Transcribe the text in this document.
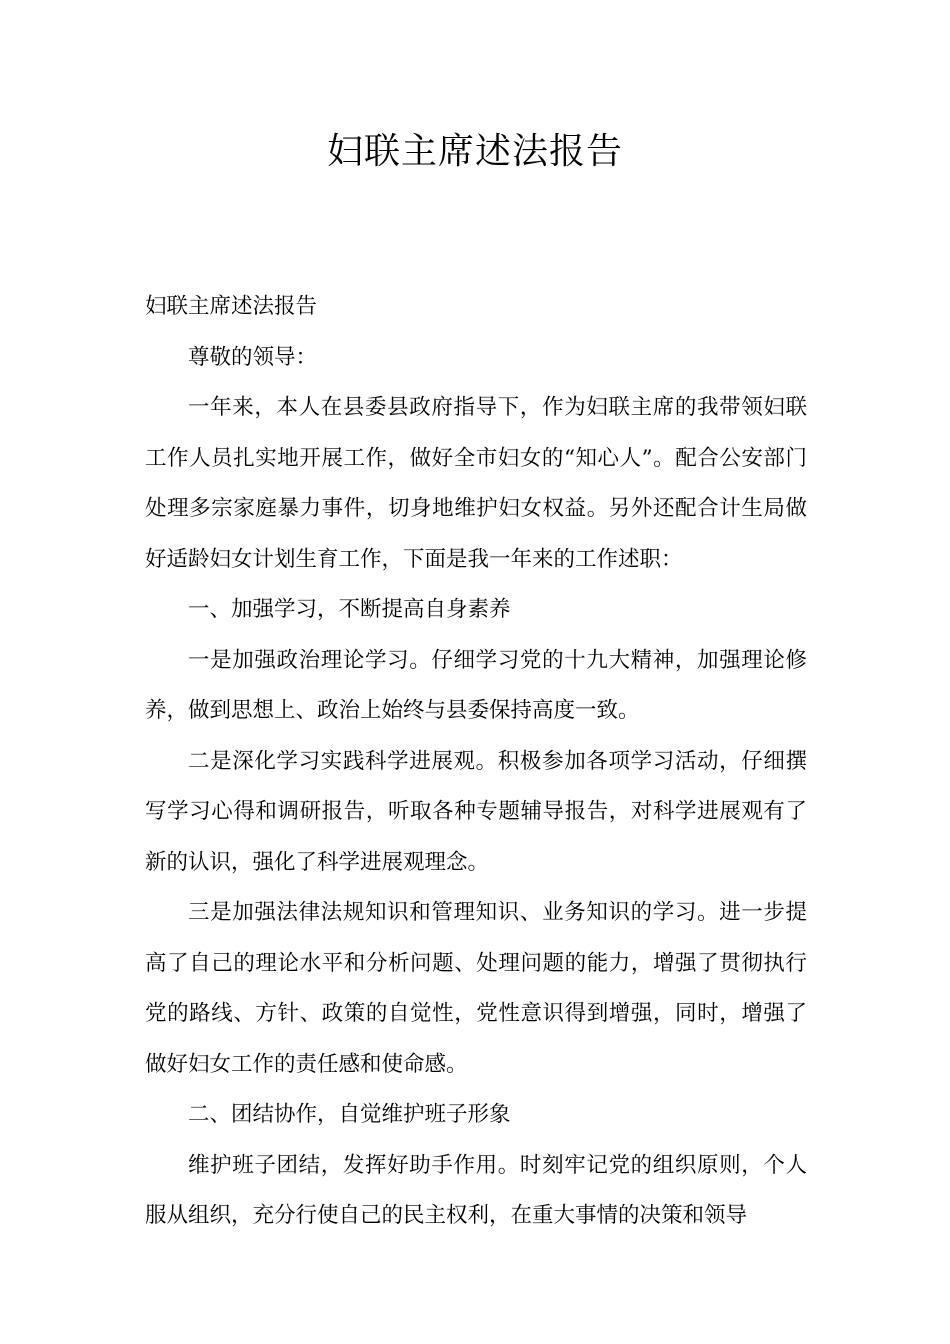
妇联主席述法报告

妇联主席述法报告

尊敬的领导：

一年来，本人在县委县政府指导下，作为妇联主席的我带领妇联工作人员扎实地开展工作，做好全市妇女的“知心人”。配合公安部门处理多宗家庭暴力事件，切身地维护妇女权益。另外还配合计生局做好适龄妇女计划生育工作，下面是我一年来的工作述职：

一、加强学习，不断提高自身素养

一是加强政治理论学习。仔细学习党的十九大精神，加强理论修养，做到思想上、政治上始终与县委保持高度一致。

二是深化学习实践科学进展观。积极参加各项学习活动，仔细撰写学习心得和调研报告，听取各种专题辅导报告，对科学进展观有了新的认识，强化了科学进展观理念。

三是加强法律法规知识和管理知识、业务知识的学习。进一步提高了自己的理论水平和分析问题、处理问题的能力，增强了贯彻执行党的路线、方针、政策的自觉性，党性意识得到增强，同时，增强了做好妇女工作的责任感和使命感。

二、团结协作，自觉维护班子形象

维护班子团结，发挥好助手作用。时刻牢记党的组织原则，个人服从组织，充分行使自己的民主权利，在重大事情的决策和领导
